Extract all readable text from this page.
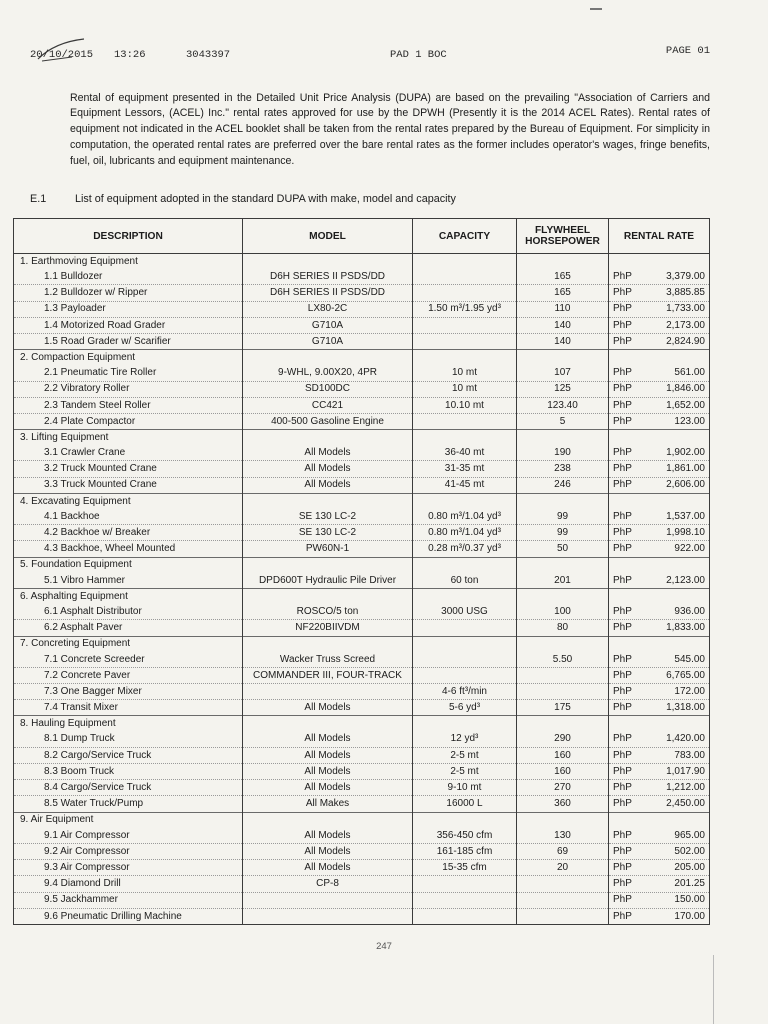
20/10/2015 13:26	3043397	PAD 1 BOC	PAGE 01

Rental of equipment presented in the Detailed Unit Price Analysis (DUPA) are based on the prevailing "Association of Carriers and Equipment Lessors, (ACEL) Inc." rental rates approved for use by the DPWH (Presently it is the 2014 ACEL Rates). Rental rates of equipment not indicated in the ACEL booklet shall be taken from the rental rates prepared by the Bureau of Equipment. For simplicity in computation, the operated rental rates are preferred over the bare rental rates as the former includes operator's wages, fringe benefits, fuel, oil, lubricants and equipment maintenance.

E.1	List of equipment adopted in the standard DUPA with make, model and capacity
DESCRIPTION	MODEL	CAPACITY	FLYWHEEL HORSEPOWER	RENTAL RATE
1. Earthmoving Equipment				
1.1 Bulldozer	D6H SERIES II PSDS/DD		165	PhP 3,379.00

1.2 Bulldozer w/ Ripper	D6H SERIES II PSDS/DD		165	PhP 3,885.85

1.3 Payloader	LX80-2C	1.50 m³/1.95 yd³	110	PhP 1,733.00

1.4 Motorized Road Grader	G710A		140	PhP 2,173.00

1.5 Road Grader w/ Scarifier	G710A		140	PhP 2,824.90

2. Compaction Equipment				
2.1 Pneumatic Tire Roller	9-WHL, 9.00X20, 4PR	10 mt	107	PhP 561.00

2.2 Vibratory Roller	SD100DC	10 mt	125	PhP 1,846.00

2.3 Tandem Steel Roller	CC421	10.10 mt	123.40	PhP 1,652.00

2.4 Plate Compactor	400-500 Gasoline Engine		5	PhP 123.00

3. Lifting Equipment				
3.1 Crawler Crane	All Models	36-40 mt	190	PhP 1,902.00

3.2 Truck Mounted Crane	All Models	31-35 mt	238	PhP 1,861.00

3.3 Truck Mounted Crane	All Models	41-45 mt	246	PhP 2,606.00

4. Excavating Equipment				
4.1 Backhoe	SE 130 LC-2	0.80 m³/1.04 yd³	99	PhP 1,537.00

4.2 Backhoe w/ Breaker	SE 130 LC-2	0.80 m³/1.04 yd³	99	PhP 1,998.10

4.3 Backhoe, Wheel Mounted	PW60N-1	0.28 m³/0.37 yd³	50	PhP 922.00

5. Foundation Equipment				
5.1 Vibro Hammer	DPD600T Hydraulic Pile Driver	60 ton	201	PhP 2,123.00

6. Asphalting Equipment				
6.1 Asphalt Distributor	ROSCO/5 ton	3000 USG	100	PhP 936.00

6.2 Asphalt Paver	NF220BIIVDM		80	PhP 1,833.00

7. Concreting Equipment				
7.1 Concrete Screeder	Wacker Truss Screed		5.50	PhP 545.00

7.2 Concrete Paver	COMMANDER III, FOUR-TRACK			PhP 6,765.00

7.3 One Bagger Mixer		4-6 ft³/min		PhP 172.00

7.4 Transit Mixer	All Models	5-6 yd³	175	PhP 1,318.00

8. Hauling Equipment				
8.1 Dump Truck	All Models	12 yd³	290	PhP 1,420.00

8.2 Cargo/Service Truck	All Models	2-5 mt	160	PhP 783.00

8.3 Boom Truck	All Models	2-5 mt	160	PhP 1,017.90

8.4 Cargo/Service Truck	All Models	9-10 mt	270	PhP 1,212.00

8.5 Water Truck/Pump	All Makes	16000 L	360	PhP 2,450.00

9. Air Equipment				
9.1 Air Compressor	All Models	356-450 cfm	130	PhP 965.00

9.2 Air Compressor	All Models	161-185 cfm	69	PhP 502.00

9.3 Air Compressor	All Models	15-35 cfm	20	PhP 205.00

9.4 Diamond Drill	CP-8			PhP 201.25

9.5 Jackhammer				PhP 150.00

9.6 Pneumatic Drilling Machine				PhP 170.00
247
